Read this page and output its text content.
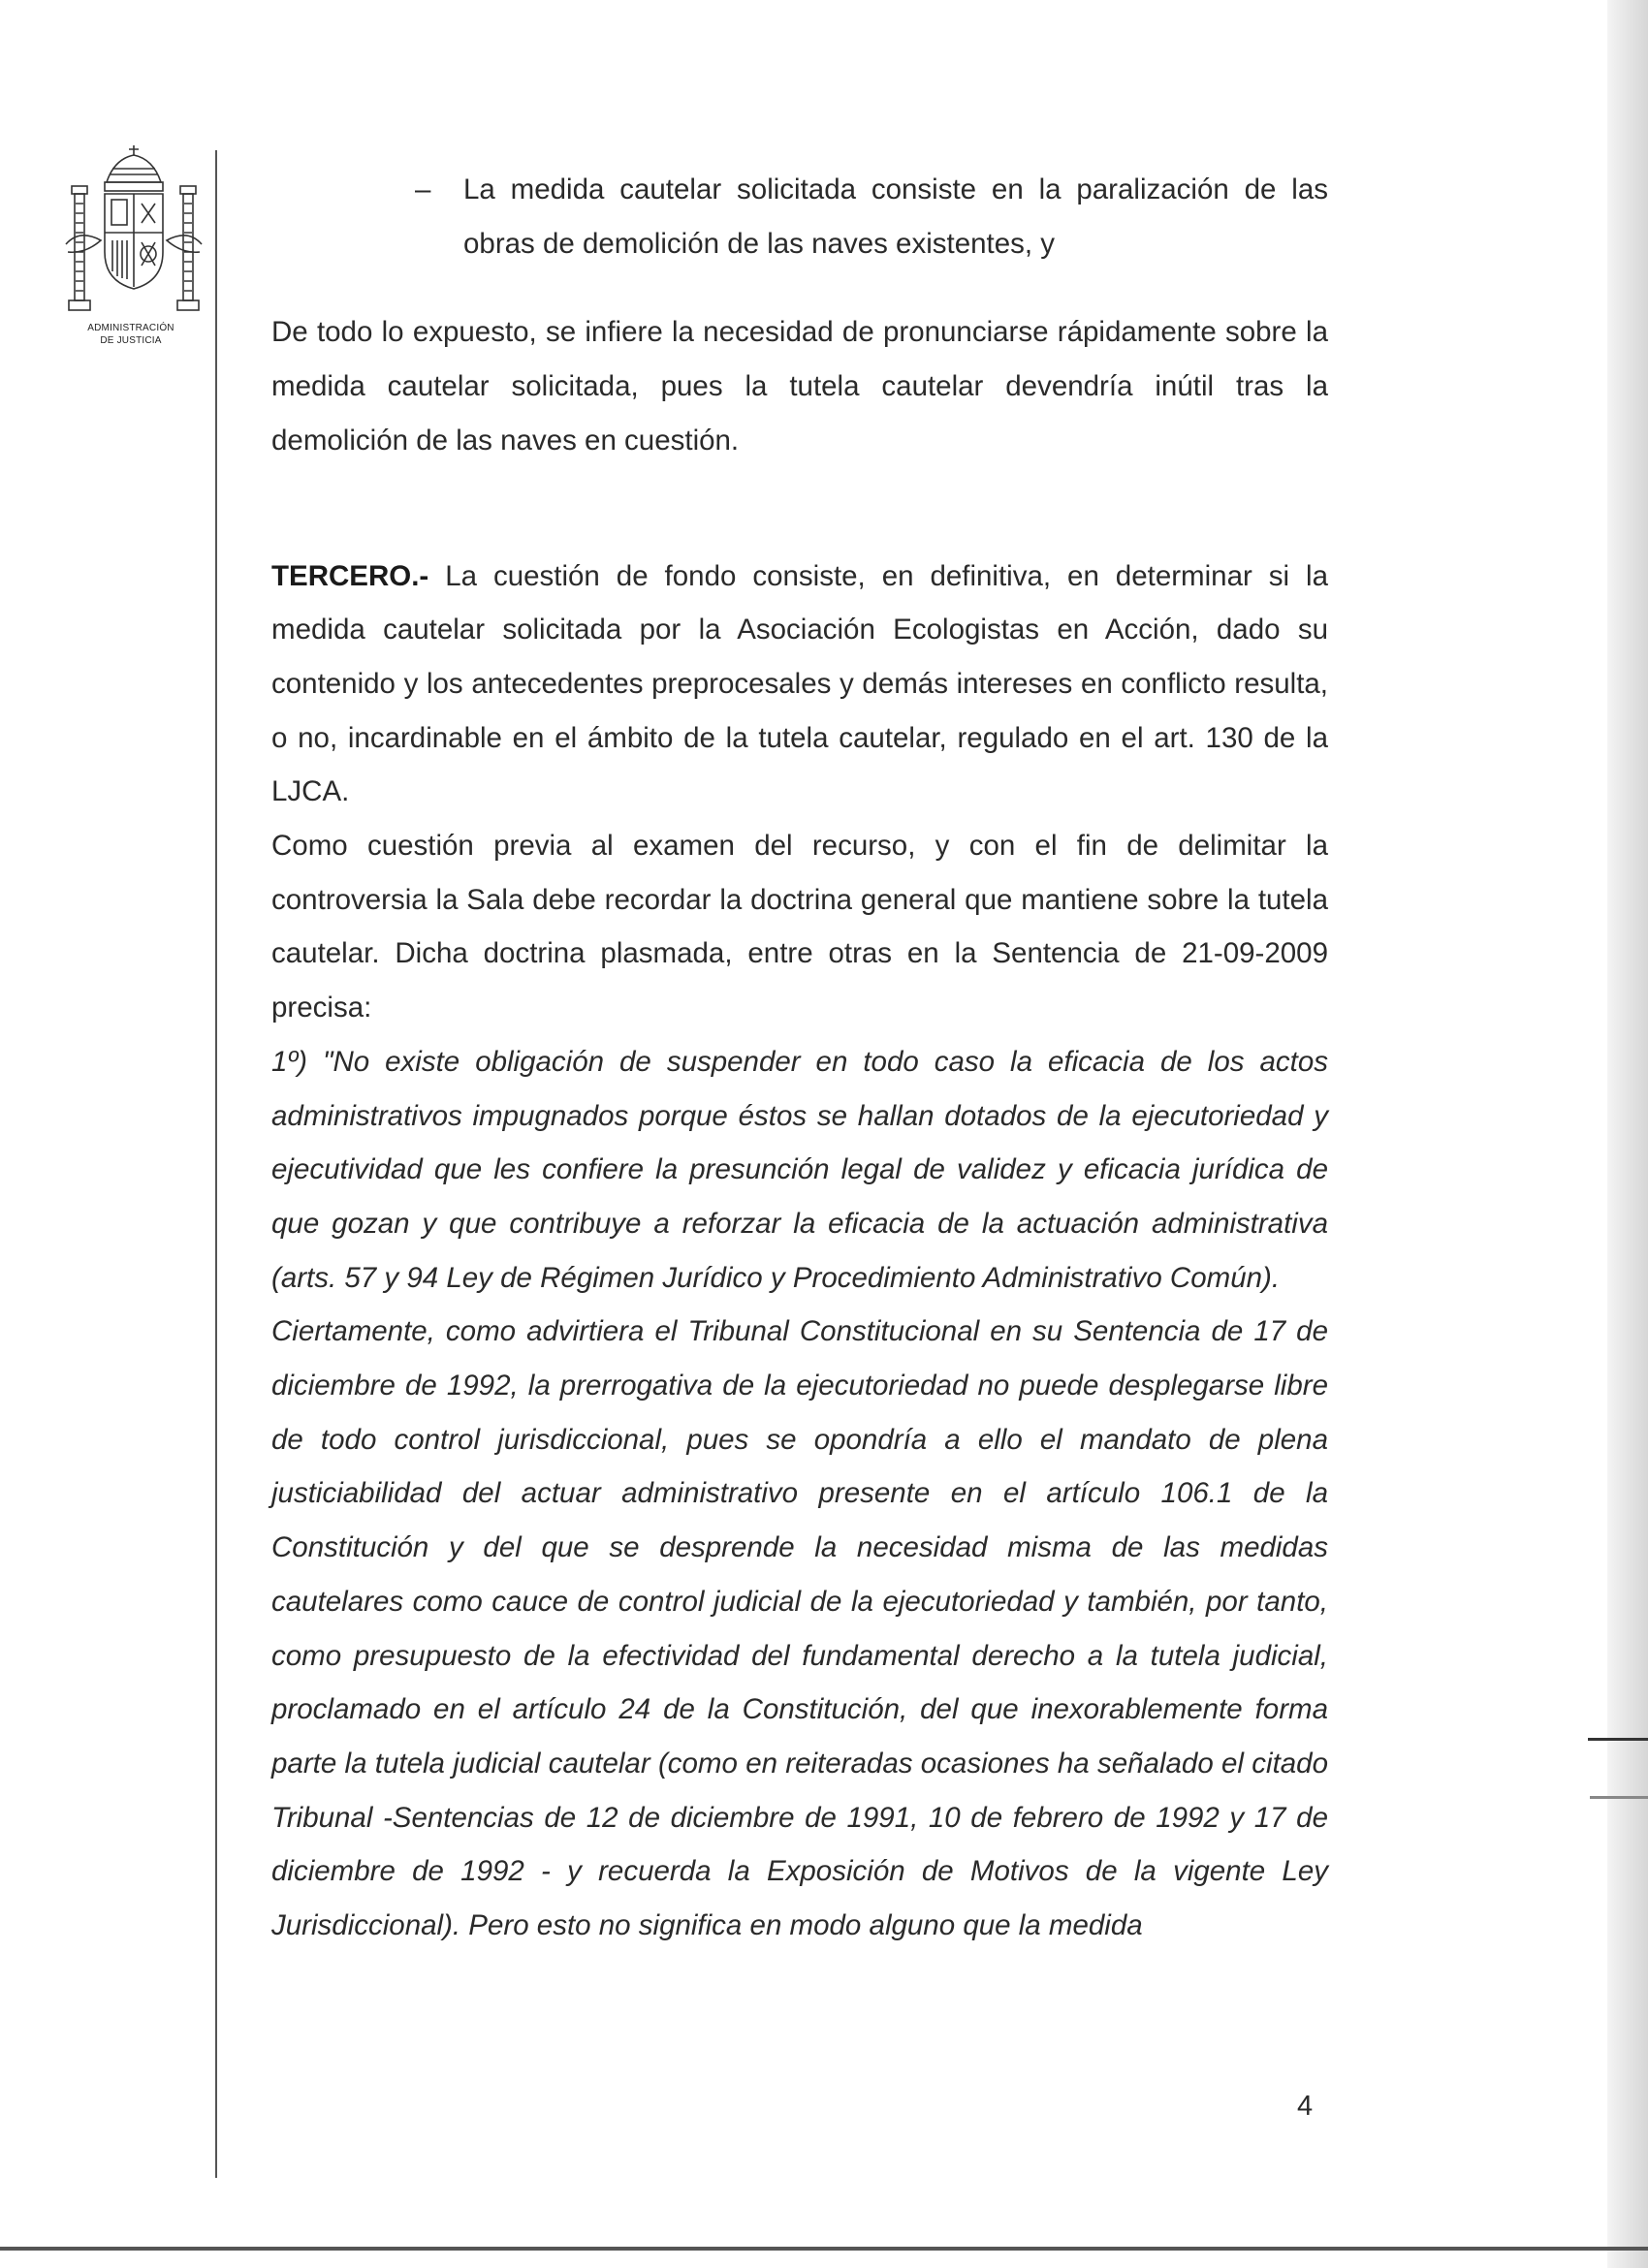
ADMINISTRACIÓN
DE JUSTICIA
–	La medida cautelar solicitada consiste en la paralización de las obras de demolición de las naves existentes, y

De todo lo expuesto, se infiere la necesidad de pronunciarse rápidamente sobre la medida cautelar solicitada, pues la tutela cautelar devendría inútil tras la demolición de las naves en cuestión.

TERCERO.- La cuestión de fondo consiste, en definitiva, en determinar si la medida cautelar solicitada por la Asociación Ecologistas en Acción, dado su contenido y los antecedentes preprocesales y demás intereses en conflicto resulta, o no, incardinable en el ámbito de la tutela cautelar, regulado en el art. 130 de la LJCA.

Como cuestión previa al examen del recurso, y con el fin de delimitar la controversia la Sala debe recordar la doctrina general que mantiene sobre la tutela cautelar. Dicha doctrina plasmada, entre otras en la Sentencia de 21-09-2009 precisa:

1º) "No existe obligación de suspender en todo caso la eficacia de los actos administrativos impugnados porque éstos se hallan dotados de la ejecutoriedad y ejecutividad que les confiere la presunción legal de validez y eficacia jurídica de que gozan y que contribuye a reforzar la eficacia de la actuación administrativa (arts. 57 y 94 Ley de Régimen Jurídico y Procedimiento Administrativo Común).

Ciertamente, como advirtiera el Tribunal Constitucional en su Sentencia de 17 de diciembre de 1992, la prerrogativa de la ejecutoriedad no puede desplegarse libre de todo control jurisdiccional, pues se opondría a ello el mandato de plena justiciabilidad del actuar administrativo presente en el artículo 106.1 de la Constitución y del que se desprende la necesidad misma de las medidas cautelares como cauce de control judicial de la ejecutoriedad y también, por tanto, como presupuesto de la efectividad del fundamental derecho a la tutela judicial, proclamado en el artículo 24 de la Constitución, del que inexorablemente forma parte la tutela judicial cautelar (como en reiteradas ocasiones ha señalado el citado Tribunal -Sentencias de 12 de diciembre de 1991, 10 de febrero de 1992 y 17 de diciembre de 1992 - y recuerda la Exposición de Motivos de la vigente Ley Jurisdiccional). Pero esto no significa en modo alguno que la medida

4
